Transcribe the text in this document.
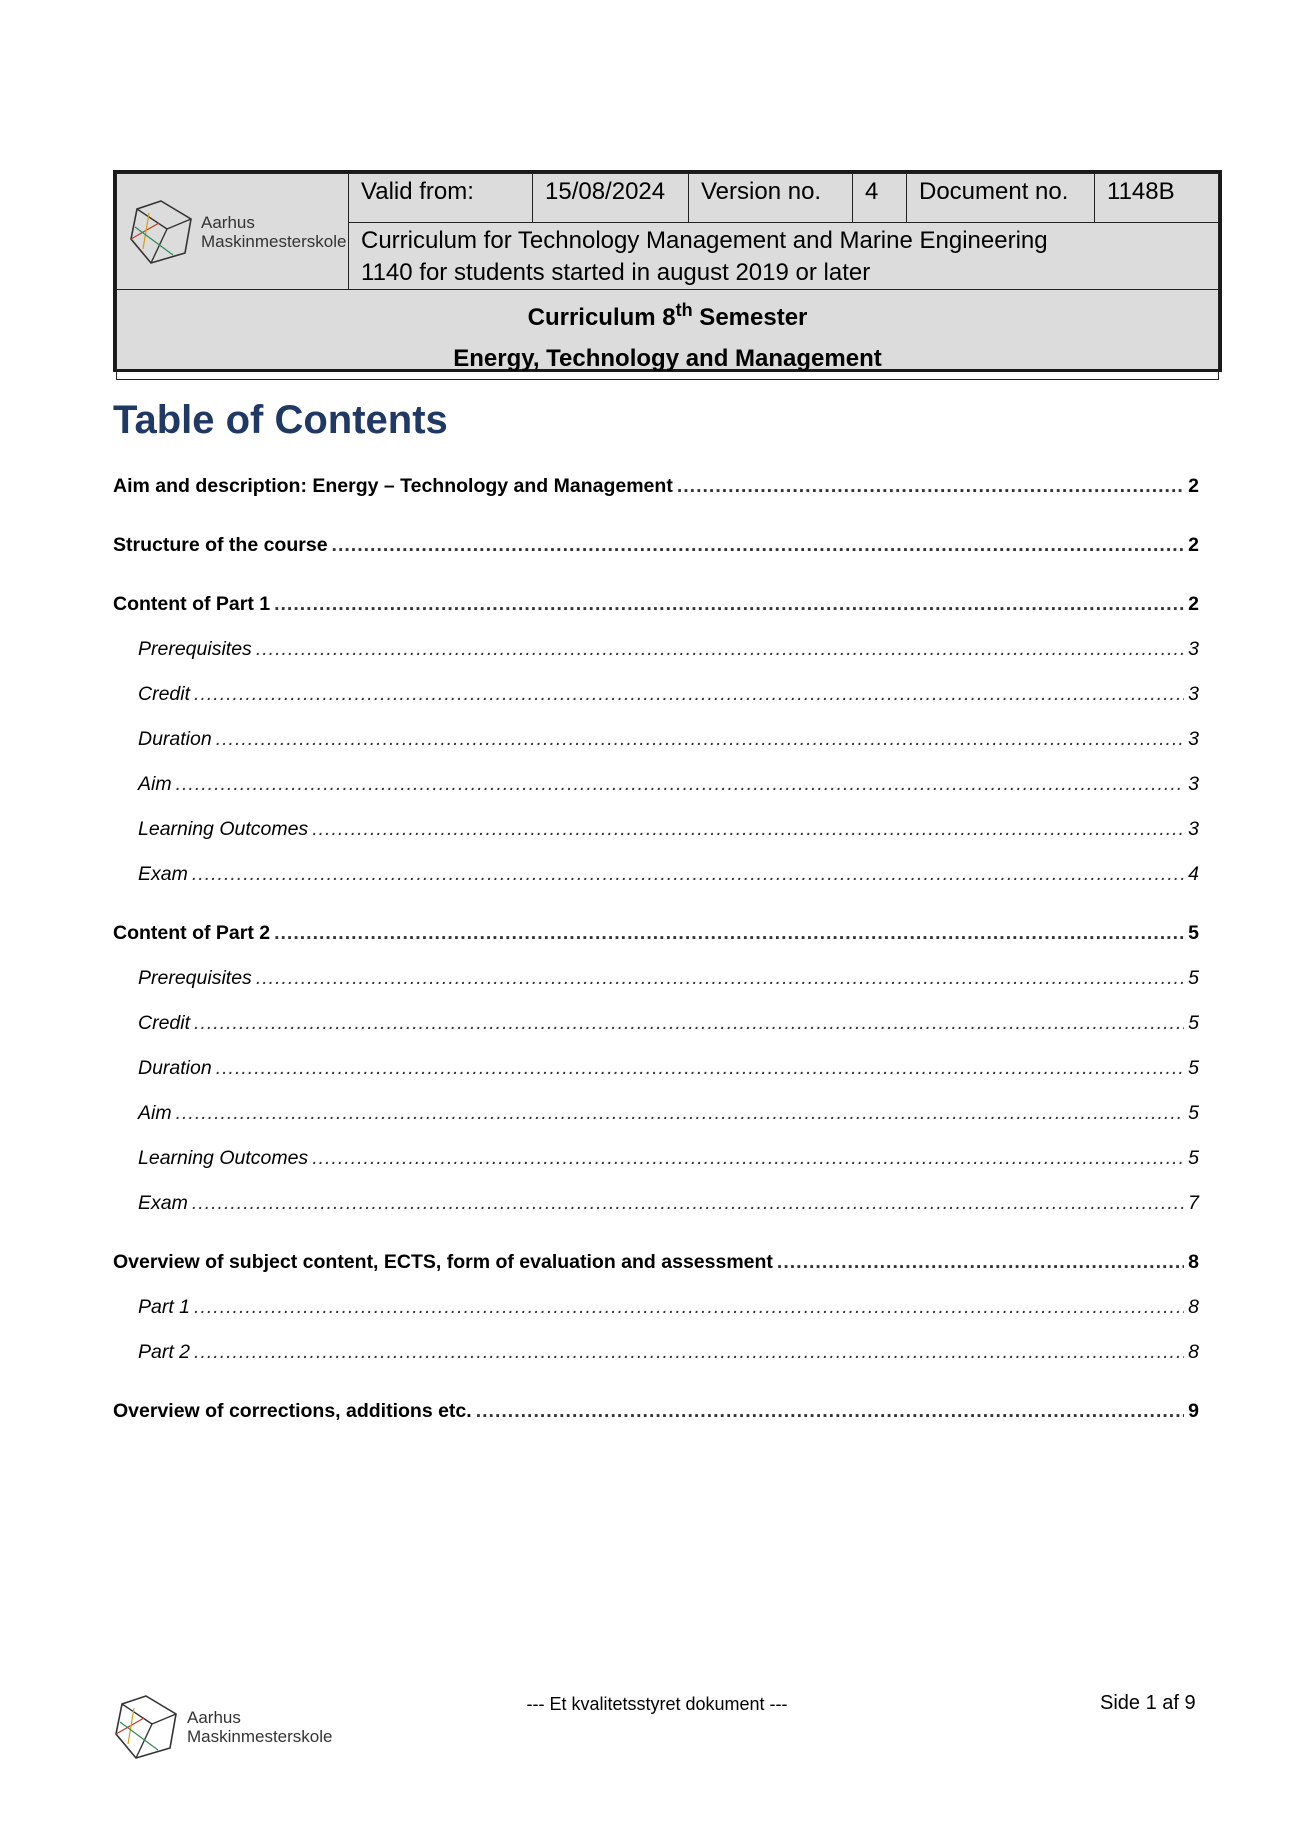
Aarhus
Maskinmesterskole
	Valid from:	15/08/2024	Version no.	4	Document no.	1148B

Curriculum for Technology Management and Marine Engineering
1140 for students started in august 2019 or later

Curriculum 8th Semester
Energy, Technology and Management
Table of Contents
Aim and description: Energy – Technology and Management .....	2
Structure of the course .....	2
Content of Part 1 .....	2
Prerequisites .....	3
Credit .....	3
Duration .....	3
Aim .....	3
Learning Outcomes .....	3
Exam .....	4
Content of Part 2 .....	5
Prerequisites .....	5
Credit .....	5
Duration .....	5
Aim .....	5
Learning Outcomes .....	5
Exam .....	7
Overview of subject content, ECTS, form of evaluation and assessment .....	8
Part 1 .....	8
Part 2 .....	8
Overview of corrections, additions etc. .....	9
Aarhus
Maskinmesterskole
--- Et kvalitetsstyret dokument ---	Side 1 af 9
